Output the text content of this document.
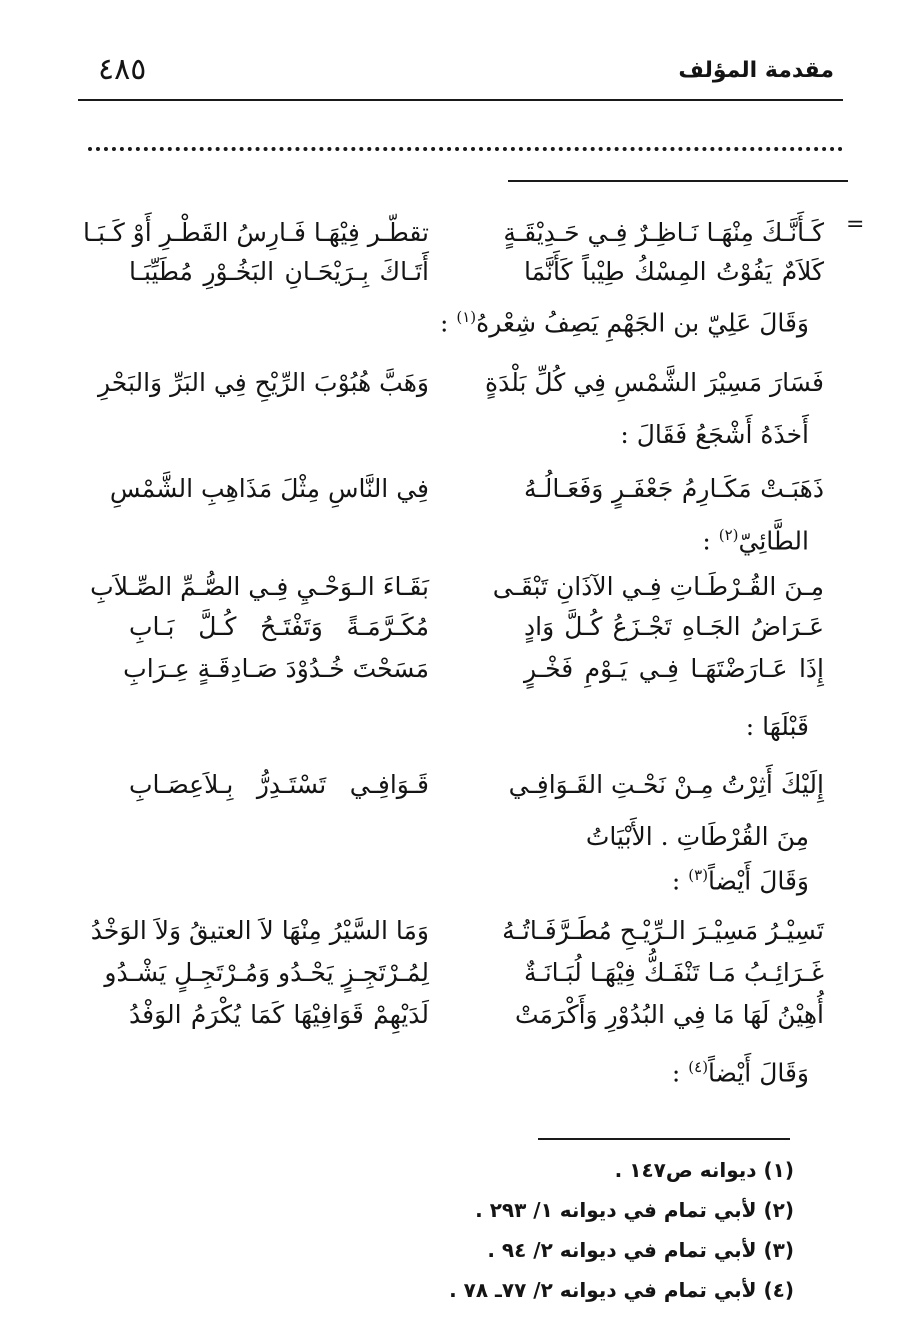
مقدمة المؤلف
٤٨٥
=
كَـأَنَّـكَ مِنْهَـا نَـاظِـرٌ فِـي حَـدِيْقَـةٍ
تقطّـر فِيْهَـا فَـارِسُ القَطْـرِ أَوْ كَـبَـا
كَلاَمٌ يَفُوْتُ المِسْكُ طِيْباً كَأَنَّمَا
أَتَـاكَ بِـرَيْحَـانِ البَخُـوْرِ مُطَيِّبَـا
وَقَالَ عَلِيّ بن الجَهْمِ يَصِفُ شِعْرهُ$^{(١)}$ :
فَسَارَ مَسِيْرَ الشَّمْسِ فِي كُلِّ بَلْدَةٍ
وَهَبَّ هُبُوْبَ الرِّيْحِ فِي البَرِّ وَالبَحْرِ
أَخذَهُ أَشْجَعُ فَقَالَ :
ذَهَبَـتْ مَكَـارِمُ جَعْفَـرٍ وَفَعَـالُـهُ
فِي النَّاسِ مِثْلَ مَذَاهِبِ الشَّمْسِ
الطَّائِيّ$^{(٢)}$ :
مِـنَ القُـرْطَـاتِ فِـي الآذَانِ تَبْقَـى
بَقَـاءَ الـوَحْـيِ فِـي الصُّـمِّ الصِّـلاَبِ
عَـرَاضُ الجَـاهِ تَجْـزَعُ كُـلَّ وَادٍ
مُكَـرَّمَـةً وَتَفْتَـحُ كُـلَّ بَـابِ
إِذَا عَـارَضْتَهَـا فِـي يَـوْمِ فَخْـرٍ
مَسَحْتَ خُـدُوْدَ صَـادِقَـةٍ عِـرَابِ
قَبْلَهَا :
إِلَيْكَ أَثِرْتُ مِـنْ نَحْـتِ القَـوَافِـي
قَـوَافِـي تَسْتَـدِرُّ بِـلاَعِصَـابِ
مِنَ القُرْطَاتِ . الأَبْيَاتُ
وَقَالَ أَيْضاً$^{(٣)}$ :
تَسِيْـرُ مَسِيْـرَ الـرِّيْـحِ مُطَـرَّفَـاتُـهُ
وَمَا السَّيْرُ مِنْهَا لاَ العتيقُ وَلاَ الوَخْدُ
غَـرَائِـبُ مَـا تَنْفَـكُّ فِيْهَـا لُبَـانَـةٌ
لِمُـرْتَجِـزٍ يَحْـدُو وَمُـرْتَجِـلٍ يَشْـدُو
أُهِيْنُ لَهَا مَا فِي البُدُوْرِ وَأَكْرَمَتْ
لَدَيْهِمْ قَوَافِيْهَا كَمَا يُكْرَمُ الوَفْدُ
وَقَالَ أَيْضاً$^{(٤)}$ :
(١) ديوانه ص١٤٧ .
(٢) لأبي تمام في ديوانه ١/ ٢٩٣ .
(٣) لأبي تمام في ديوانه ٢/ ٩٤ .
(٤) لأبي تمام في ديوانه ٢/ ٧٧ـ ٧٨ .
